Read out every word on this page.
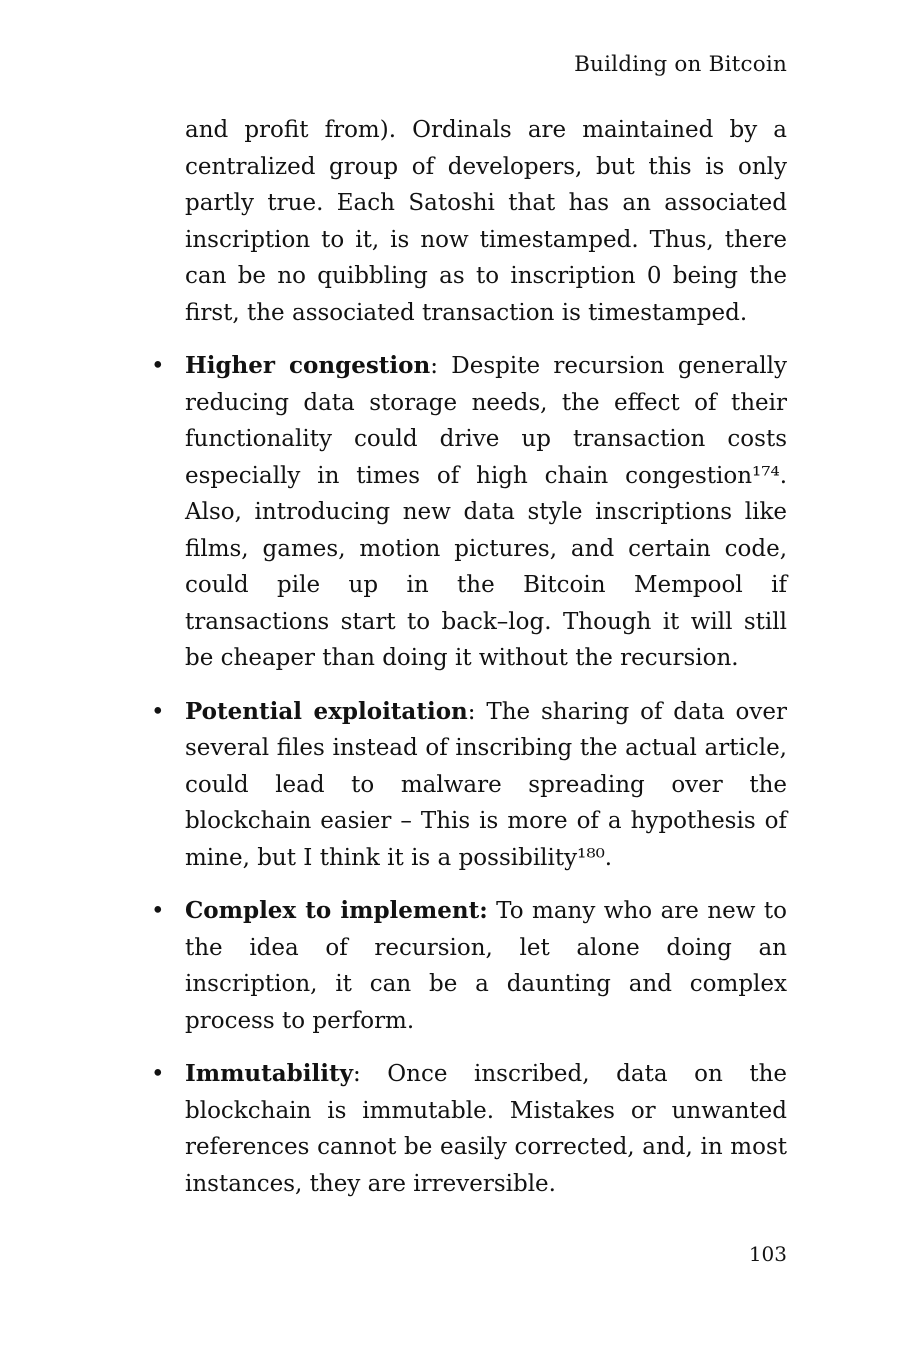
Building on Bitcoin

and profit from). Ordinals are maintained by a centralized group of developers, but this is only partly true. Each Satoshi that has an associated inscription to it, is now timestamped. Thus, there can be no quibbling as to inscription 0 being the first, the associated transaction is timestamped.

• Higher congestion: Despite recursion generally reducing data storage needs, the effect of their functionality could drive up transaction costs especially in times of high chain congestion¹⁷⁴. Also, introducing new data style inscriptions like films, games, motion pictures, and certain code, could pile up in the Bitcoin Mempool if transactions start to back–log. Though it will still be cheaper than doing it without the recursion.
• Potential exploitation: The sharing of data over several files instead of inscribing the actual article, could lead to malware spreading over the blockchain easier – This is more of a hypothesis of mine, but I think it is a possibility¹⁸⁰.
• Complex to implement: To many who are new to the idea of recursion, let alone doing an inscription, it can be a daunting and complex process to perform.
• Immutability: Once inscribed, data on the blockchain is immutable. Mistakes or unwanted references cannot be easily corrected, and, in most instances, they are irreversible.
103
